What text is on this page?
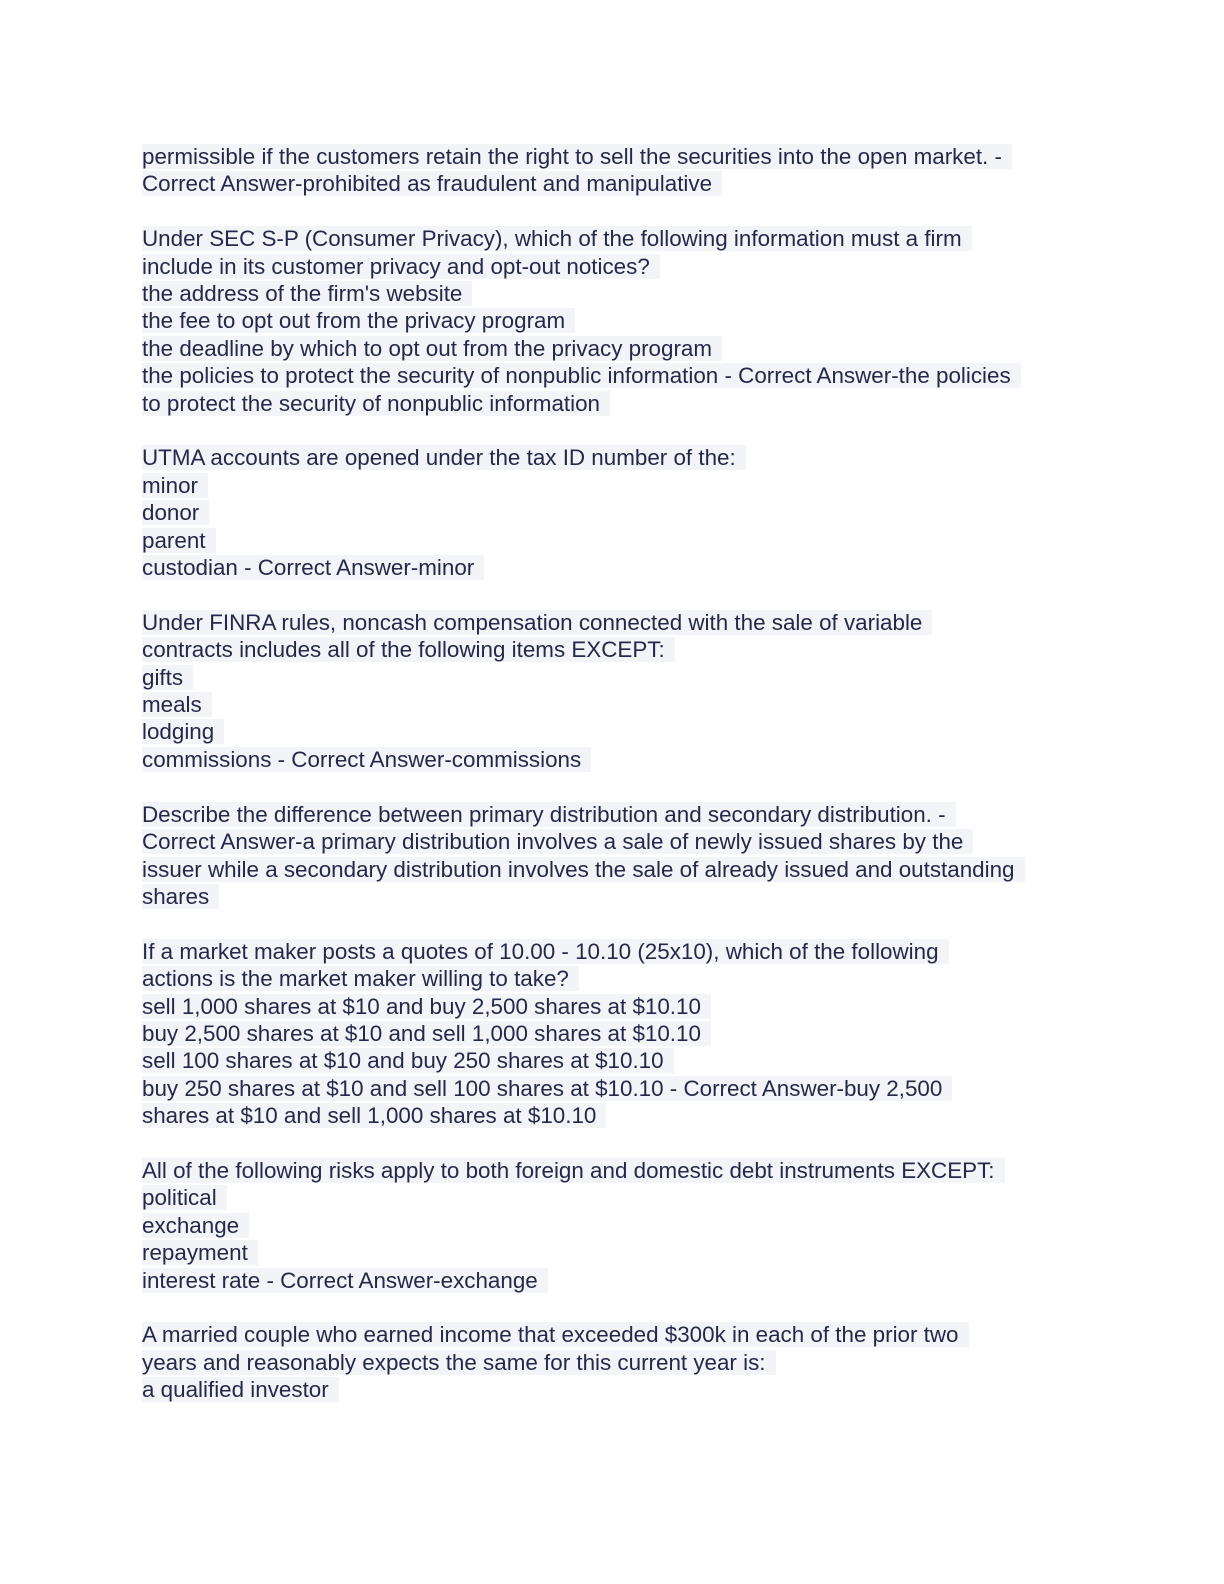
permissible if the customers retain the right to sell the securities into the open market. -
Correct Answer-prohibited as fraudulent and manipulative
Under SEC S-P (Consumer Privacy), which of the following information must a firm
include in its customer privacy and opt-out notices?
the address of the firm's website
the fee to opt out from the privacy program
the deadline by which to opt out from the privacy program
the policies to protect the security of nonpublic information - Correct Answer-the policies
to protect the security of nonpublic information
UTMA accounts are opened under the tax ID number of the:
minor
donor
parent
custodian - Correct Answer-minor
Under FINRA rules, noncash compensation connected with the sale of variable
contracts includes all of the following items EXCEPT:
gifts
meals
lodging
commissions - Correct Answer-commissions
Describe the difference between primary distribution and secondary distribution. -
Correct Answer-a primary distribution involves a sale of newly issued shares by the
issuer while a secondary distribution involves the sale of already issued and outstanding
shares
If a market maker posts a quotes of 10.00 - 10.10 (25x10), which of the following
actions is the market maker willing to take?
sell 1,000 shares at $10 and buy 2,500 shares at $10.10
buy 2,500 shares at $10 and sell 1,000 shares at $10.10
sell 100 shares at $10 and buy 250 shares at $10.10
buy 250 shares at $10 and sell 100 shares at $10.10 - Correct Answer-buy 2,500
shares at $10 and sell 1,000 shares at $10.10
All of the following risks apply to both foreign and domestic debt instruments EXCEPT:
political
exchange
repayment
interest rate - Correct Answer-exchange
A married couple who earned income that exceeded $300k in each of the prior two
years and reasonably expects the same for this current year is:
a qualified investor
